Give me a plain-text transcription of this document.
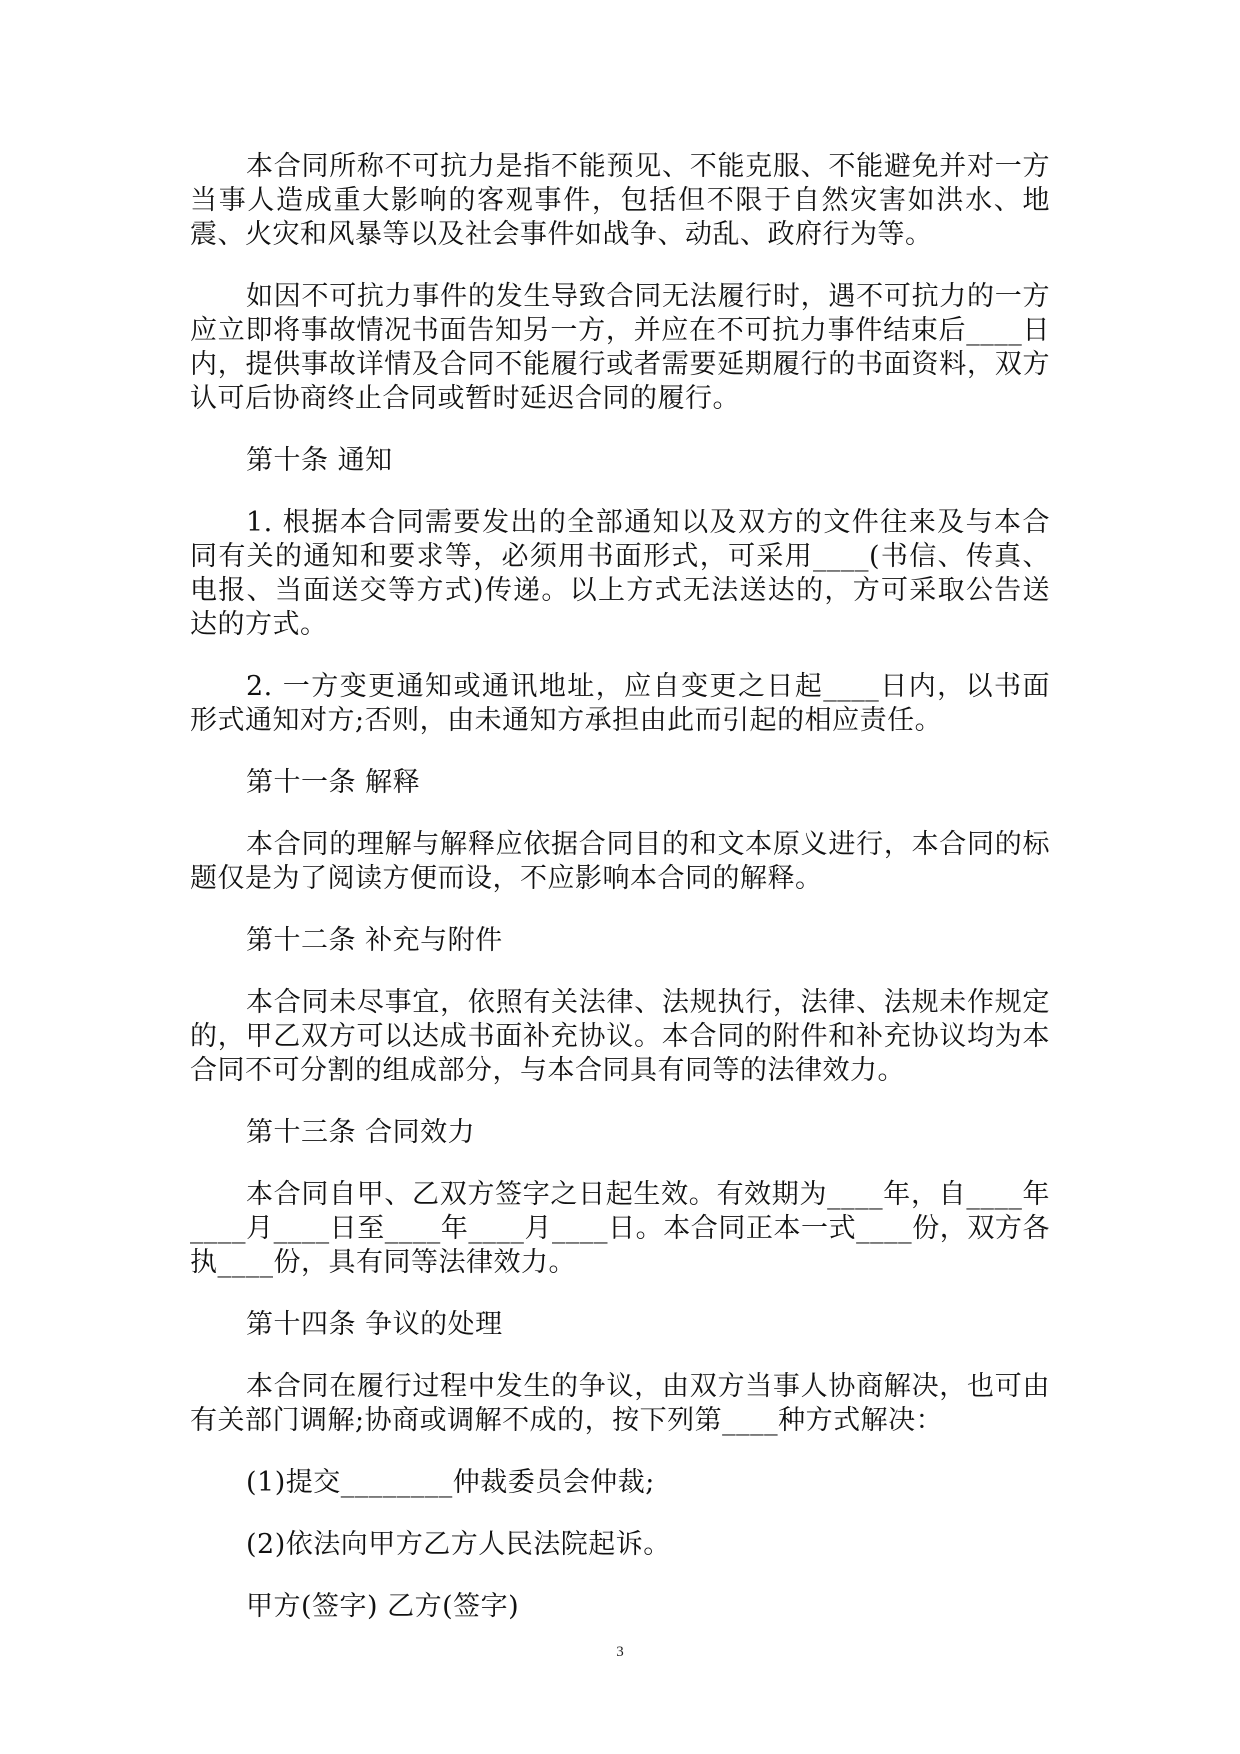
本合同所称不可抗力是指不能预见、不能克服、不能避免并对一方当事人造成重大影响的客观事件，包括但不限于自然灾害如洪水、地震、火灾和风暴等以及社会事件如战争、动乱、政府行为等。

如因不可抗力事件的发生导致合同无法履行时，遇不可抗力的一方应立即将事故情况书面告知另一方，并应在不可抗力事件结束后____日内，提供事故详情及合同不能履行或者需要延期履行的书面资料，双方认可后协商终止合同或暂时延迟合同的履行。

第十条 通知

1. 根据本合同需要发出的全部通知以及双方的文件往来及与本合同有关的通知和要求等，必须用书面形式，可采用____(书信、传真、电报、当面送交等方式)传递。以上方式无法送达的，方可采取公告送达的方式。

2. 一方变更通知或通讯地址，应自变更之日起____日内，以书面形式通知对方;否则，由未通知方承担由此而引起的相应责任。

第十一条 解释

本合同的理解与解释应依据合同目的和文本原义进行，本合同的标题仅是为了阅读方便而设，不应影响本合同的解释。

第十二条 补充与附件

本合同未尽事宜，依照有关法律、法规执行，法律、法规未作规定的，甲乙双方可以达成书面补充协议。本合同的附件和补充协议均为本合同不可分割的组成部分，与本合同具有同等的法律效力。

第十三条 合同效力

本合同自甲、乙双方签字之日起生效。有效期为____年，自____年____月____日至____年____月____日。本合同正本一式____份，双方各执____份，具有同等法律效力。

第十四条 争议的处理

本合同在履行过程中发生的争议，由双方当事人协商解决，也可由有关部门调解;协商或调解不成的，按下列第____种方式解决：

(1)提交________仲裁委员会仲裁;

(2)依法向甲方乙方人民法院起诉。

甲方(签字) 乙方(签字)

3
